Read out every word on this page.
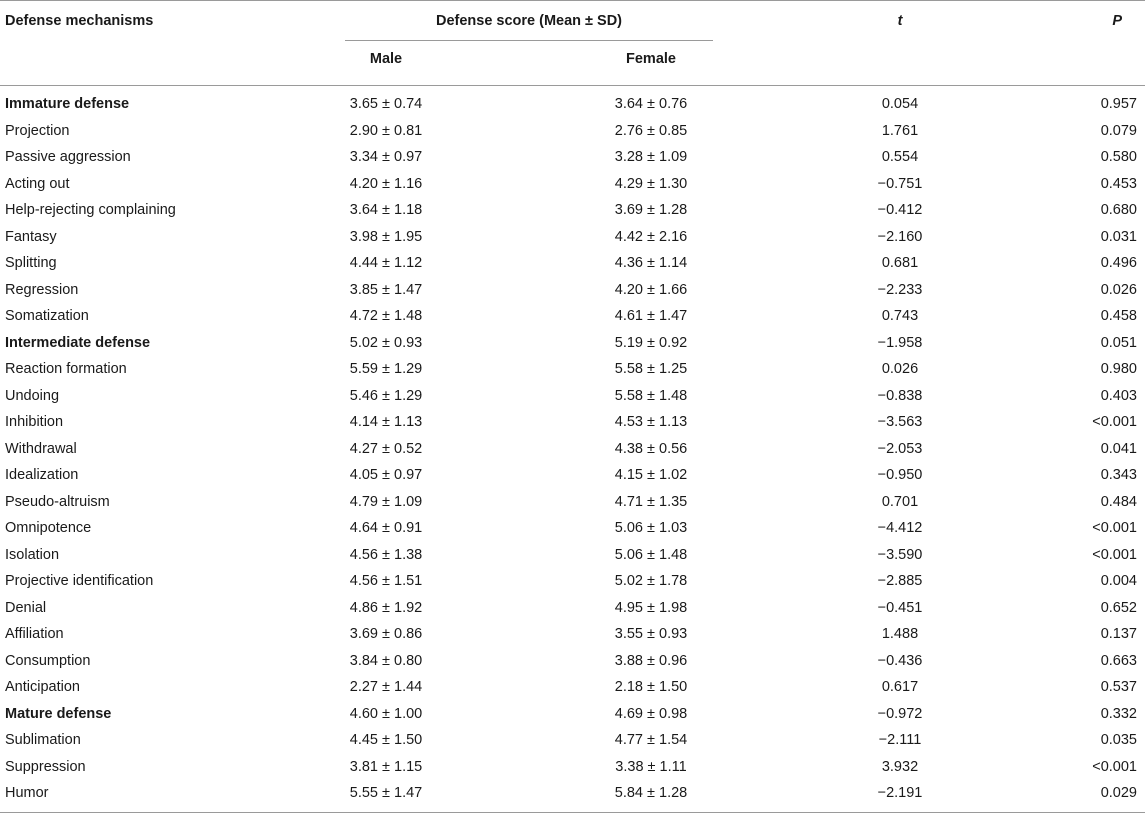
Defense mechanisms	Defense score (Mean ± SD)	t	P
Male	Female
Immature defense	3.65 ± 0.74	3.64 ± 0.76	0.054	0.957
Projection	2.90 ± 0.81	2.76 ± 0.85	1.761	0.079
Passive aggression	3.34 ± 0.97	3.28 ± 1.09	0.554	0.580
Acting out	4.20 ± 1.16	4.29 ± 1.30	−0.751	0.453
Help-rejecting complaining	3.64 ± 1.18	3.69 ± 1.28	−0.412	0.680
Fantasy	3.98 ± 1.95	4.42 ± 2.16	−2.160	0.031
Splitting	4.44 ± 1.12	4.36 ± 1.14	0.681	0.496
Regression	3.85 ± 1.47	4.20 ± 1.66	−2.233	0.026
Somatization	4.72 ± 1.48	4.61 ± 1.47	0.743	0.458
Intermediate defense	5.02 ± 0.93	5.19 ± 0.92	−1.958	0.051
Reaction formation	5.59 ± 1.29	5.58 ± 1.25	0.026	0.980
Undoing	5.46 ± 1.29	5.58 ± 1.48	−0.838	0.403
Inhibition	4.14 ± 1.13	4.53 ± 1.13	−3.563	<0.001
Withdrawal	4.27 ± 0.52	4.38 ± 0.56	−2.053	0.041
Idealization	4.05 ± 0.97	4.15 ± 1.02	−0.950	0.343
Pseudo-altruism	4.79 ± 1.09	4.71 ± 1.35	0.701	0.484
Omnipotence	4.64 ± 0.91	5.06 ± 1.03	−4.412	<0.001
Isolation	4.56 ± 1.38	5.06 ± 1.48	−3.590	<0.001
Projective identification	4.56 ± 1.51	5.02 ± 1.78	−2.885	0.004
Denial	4.86 ± 1.92	4.95 ± 1.98	−0.451	0.652
Affiliation	3.69 ± 0.86	3.55 ± 0.93	1.488	0.137
Consumption	3.84 ± 0.80	3.88 ± 0.96	−0.436	0.663
Anticipation	2.27 ± 1.44	2.18 ± 1.50	0.617	0.537
Mature defense	4.60 ± 1.00	4.69 ± 0.98	−0.972	0.332
Sublimation	4.45 ± 1.50	4.77 ± 1.54	−2.111	0.035
Suppression	3.81 ± 1.15	3.38 ± 1.11	3.932	<0.001
Humor	5.55 ± 1.47	5.84 ± 1.28	−2.191	0.029
